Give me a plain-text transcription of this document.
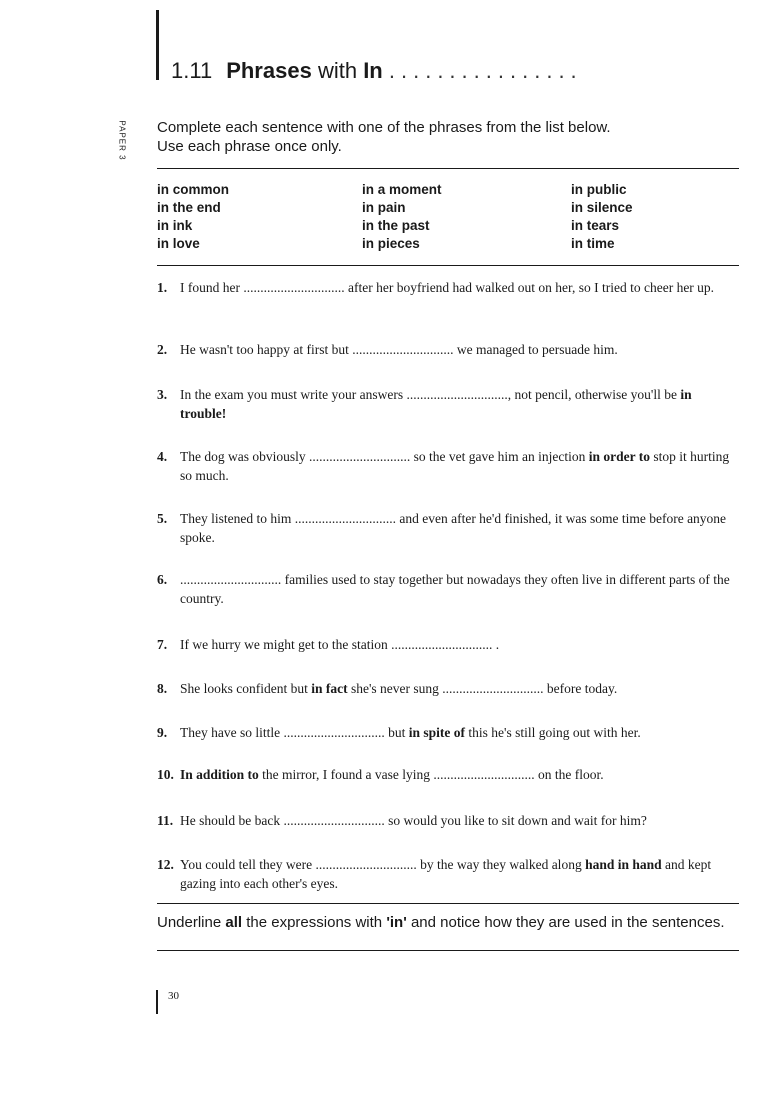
1.11 Phrases with In ................
PAPER 3 Complete each sentence with one of the phrases from the list below.
Use each phrase once only.
in common
in the end
in ink
in love
in a moment
in pain
in the past
in pieces
in public
in silence
in tears
in time
1. I found her .............................. after her boyfriend had walked out on her, so I tried to cheer her up.
2. He wasn't too happy at first but .............................. we managed to persuade him.
3. In the exam you must write your answers .............................., not pencil, otherwise you'll be in trouble!
4. The dog was obviously .............................. so the vet gave him an injection in order to stop it hurting so much.
5. They listened to him .............................. and even after he'd finished, it was some time before anyone spoke.
6. .............................. families used to stay together but nowadays they often live in different parts of the country.
7. If we hurry we might get to the station .............................. .
8. She looks confident but in fact she's never sung .............................. before today.
9. They have so little .............................. but in spite of this he's still going out with her.
10. In addition to the mirror, I found a vase lying .............................. on the floor.
11. He should be back .............................. so would you like to sit down and wait for him?
12. You could tell they were .............................. by the way they walked along hand in hand and kept gazing into each other's eyes.
Underline all the expressions with 'in' and notice how they are used in the sentences.
30
